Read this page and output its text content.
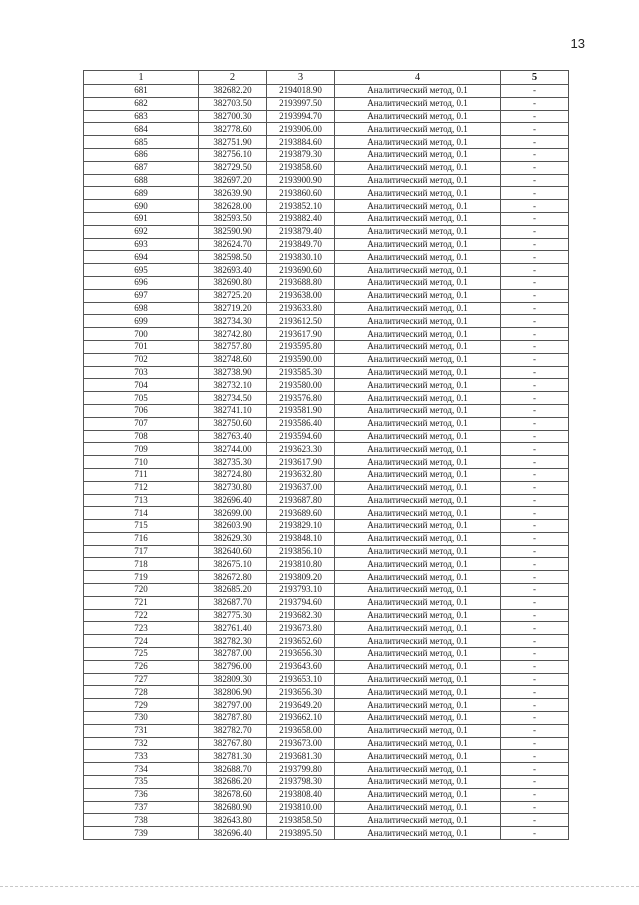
13
1	2	3	4	5
681	382682.20	2194018.90	Аналитический метод, 0.1	-
682	382703.50	2193997.50	Аналитический метод, 0.1	-
683	382700.30	2193994.70	Аналитический метод, 0.1	-
684	382778.60	2193906.00	Аналитический метод, 0.1	-
685	382751.90	2193884.60	Аналитический метод, 0.1	-
686	382756.10	2193879.30	Аналитический метод, 0.1	-
687	382729.50	2193858.60	Аналитический метод, 0.1	-
688	382697.20	2193900.90	Аналитический метод, 0.1	-
689	382639.90	2193860.60	Аналитический метод, 0.1	-
690	382628.00	2193852.10	Аналитический метод, 0.1	-
691	382593.50	2193882.40	Аналитический метод, 0.1	-
692	382590.90	2193879.40	Аналитический метод, 0.1	-
693	382624.70	2193849.70	Аналитический метод, 0.1	-
694	382598.50	2193830.10	Аналитический метод, 0.1	-
695	382693.40	2193690.60	Аналитический метод, 0.1	-
696	382690.80	2193688.80	Аналитический метод, 0.1	-
697	382725.20	2193638.00	Аналитический метод, 0.1	-
698	382719.20	2193633.80	Аналитический метод, 0.1	-
699	382734.30	2193612.50	Аналитический метод, 0.1	-
700	382742.80	2193617.90	Аналитический метод, 0.1	-
701	382757.80	2193595.80	Аналитический метод, 0.1	-
702	382748.60	2193590.00	Аналитический метод, 0.1	-
703	382738.90	2193585.30	Аналитический метод, 0.1	-
704	382732.10	2193580.00	Аналитический метод, 0.1	-
705	382734.50	2193576.80	Аналитический метод, 0.1	-
706	382741.10	2193581.90	Аналитический метод, 0.1	-
707	382750.60	2193586.40	Аналитический метод, 0.1	-
708	382763.40	2193594.60	Аналитический метод, 0.1	-
709	382744.00	2193623.30	Аналитический метод, 0.1	-
710	382735.30	2193617.90	Аналитический метод, 0.1	-
711	382724.80	2193632.80	Аналитический метод, 0.1	-
712	382730.80	2193637.00	Аналитический метод, 0.1	-
713	382696.40	2193687.80	Аналитический метод, 0.1	-
714	382699.00	2193689.60	Аналитический метод, 0.1	-
715	382603.90	2193829.10	Аналитический метод, 0.1	-
716	382629.30	2193848.10	Аналитический метод, 0.1	-
717	382640.60	2193856.10	Аналитический метод, 0.1	-
718	382675.10	2193810.80	Аналитический метод, 0.1	-
719	382672.80	2193809.20	Аналитический метод, 0.1	-
720	382685.20	2193793.10	Аналитический метод, 0.1	-
721	382687.70	2193794.60	Аналитический метод, 0.1	-
722	382775.30	2193682.30	Аналитический метод, 0.1	-
723	382761.40	2193673.80	Аналитический метод, 0.1	-
724	382782.30	2193652.60	Аналитический метод, 0.1	-
725	382787.00	2193656.30	Аналитический метод, 0.1	-
726	382796.00	2193643.60	Аналитический метод, 0.1	-
727	382809.30	2193653.10	Аналитический метод, 0.1	-
728	382806.90	2193656.30	Аналитический метод, 0.1	-
729	382797.00	2193649.20	Аналитический метод, 0.1	-
730	382787.80	2193662.10	Аналитический метод, 0.1	-
731	382782.70	2193658.00	Аналитический метод, 0.1	-
732	382767.80	2193673.00	Аналитический метод, 0.1	-
733	382781.30	2193681.30	Аналитический метод, 0.1	-
734	382688.70	2193799.80	Аналитический метод, 0.1	-
735	382686.20	2193798.30	Аналитический метод, 0.1	-
736	382678.60	2193808.40	Аналитический метод, 0.1	-
737	382680.90	2193810.00	Аналитический метод, 0.1	-
738	382643.80	2193858.50	Аналитический метод, 0.1	-
739	382696.40	2193895.50	Аналитический метод, 0.1	-
